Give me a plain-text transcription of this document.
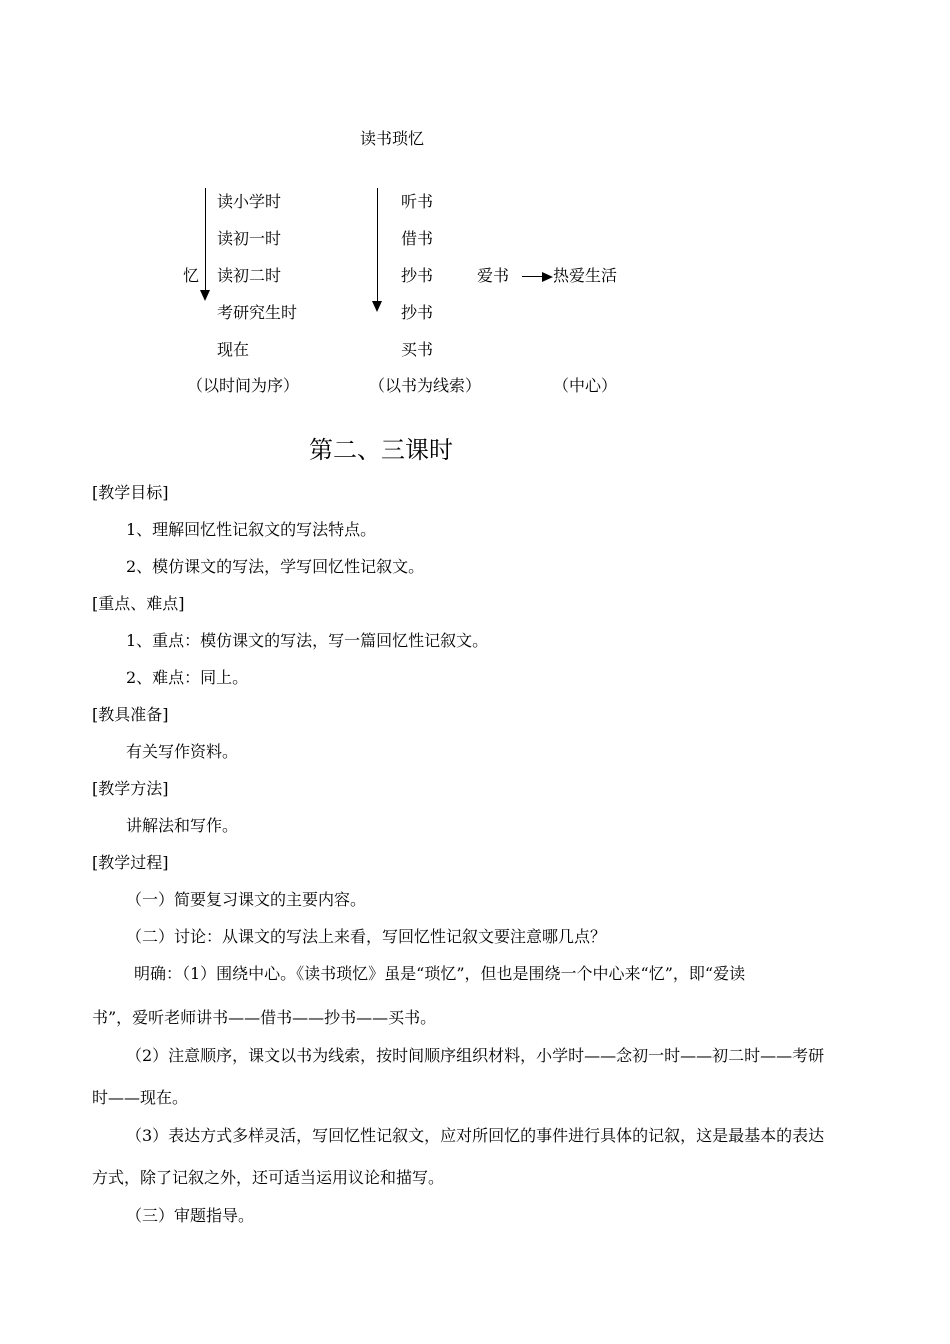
读书琐忆
忆
读小学时
读初一时
读初二时
考研究生时
现在
听书
借书
抄书
抄书
买书
爱书	热爱生活
（以时间为序）	（以书为线索）	（中心）
第二、三课时
[教学目标]
1、理解回忆性记叙文的写法特点。
2、模仿课文的写法，学写回忆性记叙文。
[重点、难点]
1、重点：模仿课文的写法，写一篇回忆性记叙文。
2、难点：同上。
[教具准备]
有关写作资料。
[教学方法]
讲解法和写作。
[教学过程]
（一）简要复习课文的主要内容。
（二）讨论：从课文的写法上来看，写回忆性记叙文要注意哪几点？
明确：（1）围绕中心。《读书琐忆》虽是“琐忆”，但也是围绕一个中心来“忆”，即“爱读
书”，爱听老师讲书——借书——抄书——买书。
（2）注意顺序，课文以书为线索，按时间顺序组织材料，小学时——念初一时——初二时——考研
时——现在。
（3）表达方式多样灵活，写回忆性记叙文，应对所回忆的事件进行具体的记叙，这是最基本的表达
方式，除了记叙之外，还可适当运用议论和描写。
（三）审题指导。
